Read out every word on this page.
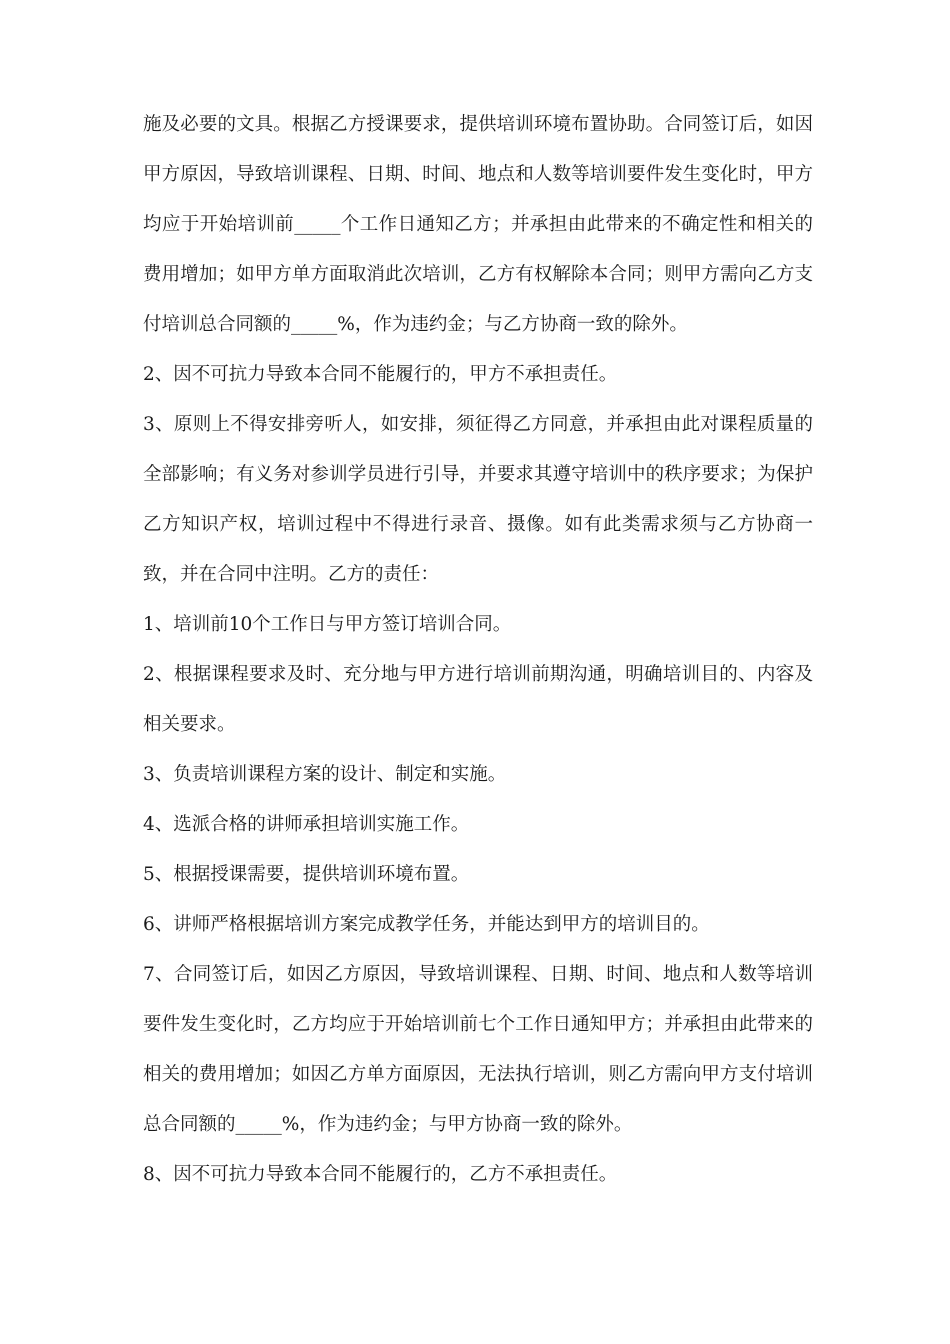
施及必要的文具。根据乙方授课要求，提供培训环境布置协助。合同签订后，如因甲方原因，导致培训课程、日期、时间、地点和人数等培训要件发生变化时，甲方均应于开始培训前_____个工作日通知乙方；并承担由此带来的不确定性和相关的费用增加；如甲方单方面取消此次培训，乙方有权解除本合同；则甲方需向乙方支付培训总合同额的_____%，作为违约金；与乙方协商一致的除外。

2、因不可抗力导致本合同不能履行的，甲方不承担责任。

3、原则上不得安排旁听人，如安排，须征得乙方同意，并承担由此对课程质量的全部影响；有义务对参训学员进行引导，并要求其遵守培训中的秩序要求；为保护乙方知识产权，培训过程中不得进行录音、摄像。如有此类需求须与乙方协商一致，并在合同中注明。乙方的责任：

1、培训前10个工作日与甲方签订培训合同。

2、根据课程要求及时、充分地与甲方进行培训前期沟通，明确培训目的、内容及相关要求。

3、负责培训课程方案的设计、制定和实施。

4、选派合格的讲师承担培训实施工作。

5、根据授课需要，提供培训环境布置。

6、讲师严格根据培训方案完成教学任务，并能达到甲方的培训目的。

7、合同签订后，如因乙方原因，导致培训课程、日期、时间、地点和人数等培训要件发生变化时，乙方均应于开始培训前七个工作日通知甲方；并承担由此带来的相关的费用增加；如因乙方单方面原因，无法执行培训，则乙方需向甲方支付培训总合同额的_____%，作为违约金；与甲方协商一致的除外。

8、因不可抗力导致本合同不能履行的，乙方不承担责任。
